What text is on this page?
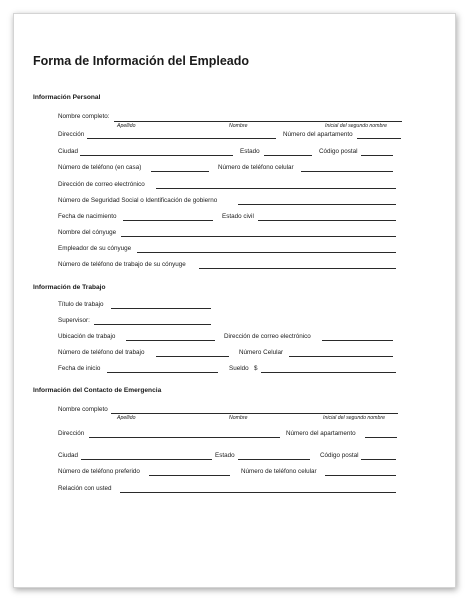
Forma de Información del Empleado
Información Personal
Nombre completo:
Apellido	Nombre	Inicial del segundo nombre
Dirección	Número del apartamento
Ciudad	Estado	Código postal
Número de teléfono (en casa)	Número de teléfono celular
Dirección de correo electrónico
Número de Seguridad Social o Identificación de gobierno
Fecha de nacimiento	Estado civil
Nombre del cónyuge
Empleador de su cónyuge
Número de teléfono de trabajo de su cónyuge
Información de Trabajo
Título de trabajo
Supervisor:
Ubicación de trabajo	Dirección de correo electrónico
Número de teléfono del trabajo	Número Celular
Fecha de inicio	Sueldo $
Información del Contacto de Emergencia
Nombre completo
Apellido	Nombre	Inicial del segundo nombre
Dirección	Número del apartamento
Ciudad	Estado	Código postal
Número de teléfono preferido	Número de teléfono celular
Relación con usted
